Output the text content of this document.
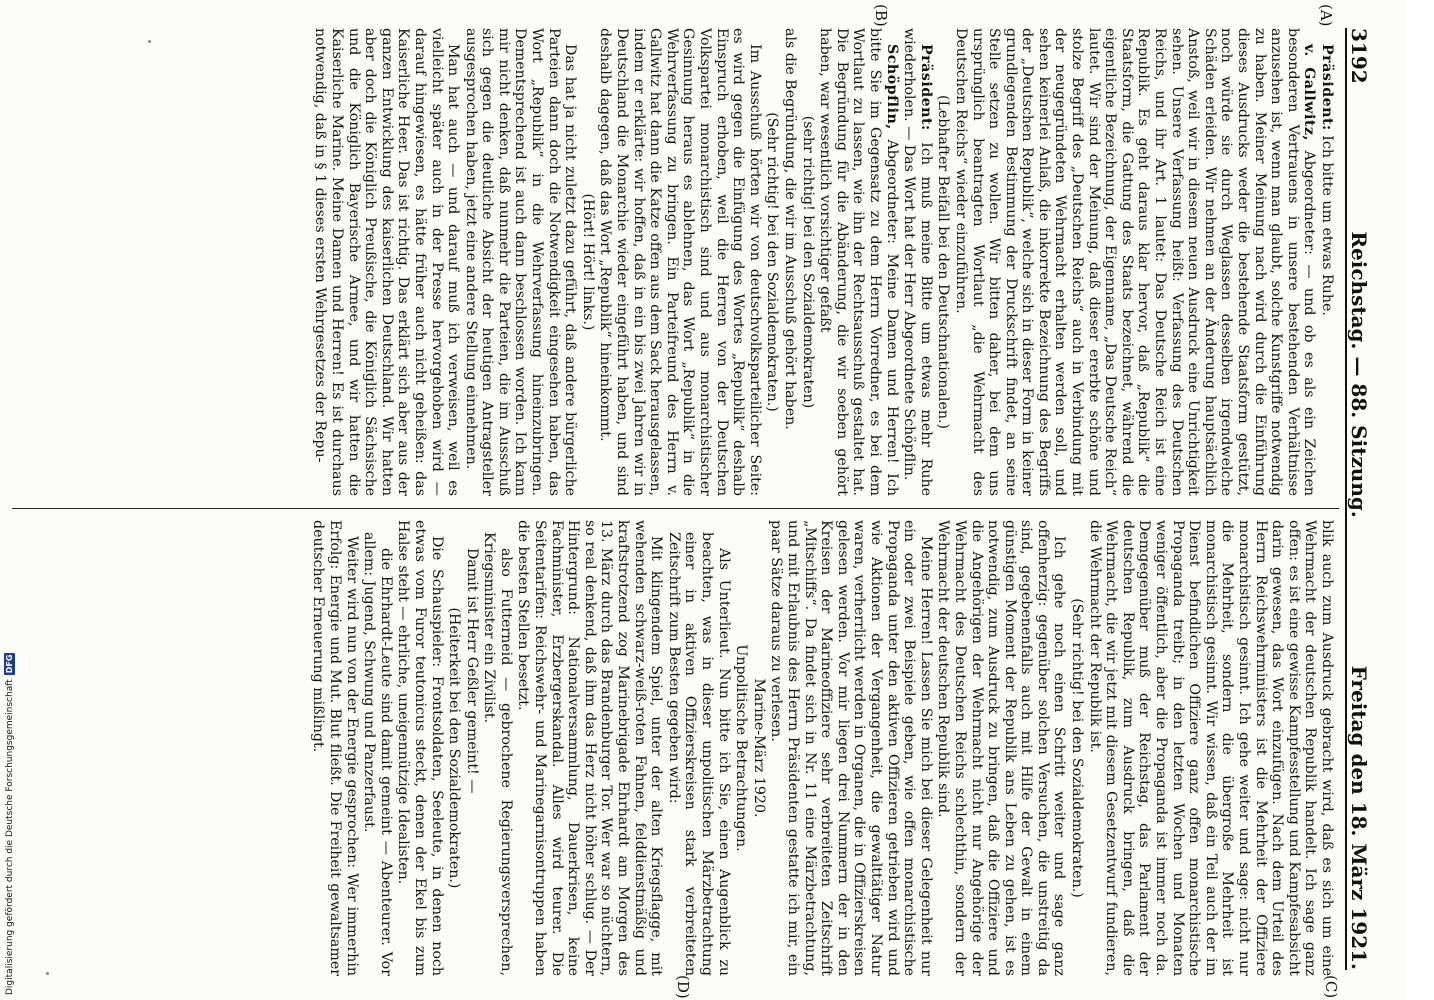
3192
Reichstag. — 88. Sitzung.
Freitag den 18. März 1921.
(A)
(B)
(C)
(D)

Präsident: Ich bitte um etwas Ruhe.

v. Gallwitz, Abgeordneter: — und ob es als ein Zeichen besonderen Vertrauens in unsere bestehenden Verhältnisse anzusehen ist, wenn man glaubt, solche Kunstgriffe notwendig zu haben. Meiner Meinung nach wird durch die Einführung dieses Ausdrucks weder die bestehende Staatsform gestützt, noch würde sie durch Weglassen desselben irgendwelche Schäden erleiden. Wir nehmen an der Änderung hauptsächlich Anstoß, weil wir in diesem neuen Ausdruck eine Unrichtigkeit sehen. Unsere Verfassung heißt: Verfassung des Deutschen Reichs, und ihr Art. 1 lautet: Das Deutsche Reich ist eine Republik. Es geht daraus klar hervor, daß „Republik“ die Staatsform, die Gattung des Staats bezeichnet, während die eigentliche Bezeichnung, der Eigenname, „Das Deutsche Reich“ lautet. Wir sind der Meinung, daß dieser ererbte schöne und stolze Begriff des „Deutschen Reichs“ auch in Verbindung mit der neugegründeten Wehrmacht erhalten werden soll, und sehen keinerlei Anlaß, die inkorrekte Bezeichnung des Begriffs der „Deutschen Republik“, welche sich in dieser Form in keiner grundlegenden Bestimmung der Druckschrift findet, an seine Stelle setzen zu wollen. Wir bitten daher, bei dem uns ursprünglich beantragten Wortlaut „die Wehrmacht des Deutschen Reichs“ wieder einzuführen.

(Lebhafter Beifall bei den Deutschnationalen.)

Präsident: Ich muß meine Bitte um etwas mehr Ruhe wiederholen. — Das Wort hat der Herr Abgeordnete Schöpflin.

Schöpflin, Abgeordneter: Meine Damen und Herren! Ich bitte Sie im Gegensatz zu dem Herrn Vorredner, es bei dem Wortlaut zu lassen, wie ihn der Rechtsausschuß gestaltet hat. Die Begründung für die Abänderung, die wir soeben gehört haben, war wesentlich vorsichtiger gefaßt

(sehr richtig! bei den Sozialdemokraten)

als die Begründung, die wir im Ausschuß gehört haben.

(Sehr richtig! bei den Sozialdemokraten.)

Im Ausschuß hörten wir von deutschvolksparteilicher Seite: es wird gegen die Einfügung des Wortes „Republik“ deshalb Einspruch erhoben, weil die Herren von der Deutschen Volkspartei monarchistisch sind und aus monarchistischer Gesinnung heraus es ablehnen, das Wort „Republik“ in die Wehrverfassung zu bringen. Ein Parteifreund des Herrn v. Gallwitz hat dann die Katze offen aus dem Sack herausgelassen, indem er erklärte: wir hoffen, daß in ein bis zwei Jahren wir in Deutschland die Monarchie wieder eingeführt haben, und sind deshalb dagegen, daß das Wort „Republik“ hineinkommt.

(Hört! Hört! links.)

Das hat ja nicht zuletzt dazu geführt, daß andere bürgerliche Parteien dann doch die Notwendigkeit eingesehen haben, das Wort „Republik“ in die Wehrverfassung hineinzubringen. Dementsprechend ist auch dann beschlossen worden. Ich kann mir nicht denken, daß nunmehr die Parteien, die im Ausschuß sich gegen die deutliche Absicht der heutigen Antragsteller ausgesprochen haben, jetzt eine andere Stellung einnehmen.

Man hat auch — und darauf muß ich verweisen, weil es vielleicht später auch in der Presse hervorgehoben wird — darauf hingewiesen, es hätte früher auch nicht geheißen: das Kaiserliche Heer. Das ist richtig. Das erklärt sich aber aus der ganzen Entwicklung des kaiserlichen Deutschland. Wir hatten aber doch die Königlich Preußische, die Königlich Sächsische und die Königlich Bayerische Armee, und wir hatten die Kaiserliche Marine. Meine Damen und Herren! Es ist durchaus notwendig, daß in § 1 dieses ersten Wehrgesetzes der Repu-

blik auch zum Ausdruck gebracht wird, daß es sich um eine Wehrmacht der deutschen Republik handelt. Ich sage ganz offen: es ist eine gewisse Kampfesstellung und Kampfesabsicht darin gewesen, das Wort einzufügen. Nach dem Urteil des Herrn Reichswehrministers ist die Mehrheit der Offiziere monarchistisch gesinnt. Ich gehe weiter und sage: nicht nur die Mehrheit, sondern die übergroße Mehrheit ist monarchistisch gesinnt. Wir wissen, daß ein Teil auch der im Dienst befindlichen Offiziere ganz offen monarchistische Propaganda treibt; in den letzten Wochen und Monaten weniger öffentlich, aber die Propaganda ist immer noch da. Demgegenüber muß der Reichstag, das Parlament der deutschen Republik, zum Ausdruck bringen, daß die Wehrmacht, die wir jetzt mit diesem Gesetzentwurf fundieren, die Wehrmacht der Republik ist.

(Sehr richtig! bei den Sozialdemokraten.)

Ich gehe noch einen Schritt weiter und sage ganz offenherzig: gegenüber solchen Versuchen, die unstreitig da sind, gegebenenfalls auch mit Hilfe der Gewalt in einem günstigen Moment der Republik ans Leben zu gehen, ist es notwendig, zum Ausdruck zu bringen, daß die Offiziere und die Angehörigen der Wehrmacht nicht nur Angehörige der Wehrmacht des Deutschen Reichs schlechthin, sondern der Wehrmacht der deutschen Republik sind.

Meine Herren! Lassen Sie mich bei dieser Gelegenheit nur ein oder zwei Beispiele geben, wie offen monarchistische Propaganda unter den aktiven Offizieren getrieben wird und wie Aktionen der Vergangenheit, die gewalttätiger Natur waren, verherrlicht werden in Organen, die in Offizierskreisen gelesen werden. Vor mir liegen drei Nummern der in den Kreisen der Marineoffiziere sehr verbreiteten Zeitschrift „Mitschiffs“. Da findet sich in Nr. 11 eine Märzbetrachtung, und mit Erlaubnis des Herrn Präsidenten gestatte ich mir, ein paar Sätze daraus zu verlesen.

Marine-März 1920.

Unpolitische Betrachtungen.

Als Unterlieut. Nun bitte ich Sie, einen Augenblick zu beachten, was in dieser unpolitischen Märzbetrachtung einer in aktiven Offizierskreisen stark verbreiteten Zeitschrift zum Besten gegeben wird:

Mit klingendem Spiel, unter der alten Kriegsflagge, mit wehenden schwarz-weiß-roten Fahnen, felddienstmäßig und kraftstrotzend zog Marinebrigade Ehrhardt am Morgen des 13. März durch das Brandenburger Tor. Wer war so nüchtern, so real denkend, daß ihm das Herz nicht höher schlug. — Der Hintergrund: Nationalversammlung, Dauerkrisen, keine Fachminister, Erzbergerskandal. Alles wird teurer. Die Seitentarifen: Reichswehr- und Marinegarnisontruppen haben die besten Stellen besetzt.

also Futterneid — gebrochene Regierungsversprechen, Kriegsminister ein Zivilist.

Damit ist Herr Geßler gemeint! —

(Heiterkeit bei den Sozialdemokraten.)

Die Schauspieler: Frontsoldaten, Seeleute, in denen noch etwas vom Furor teutonicus steckt, denen der Ekel bis zum Halse steht — ehrliche, uneigennützige Idealisten.

die Ehrhardt-Leute sind damit gemeint — Abenteurer. Vor allem: Jugend, Schwung und Panzerfaust.

Weiter wird nun von der Energie gesprochen: Wer immerhin Erfolg: Energie und Mut. Blut fließt. Die Freiheit gewaltsamer deutscher Erneuerung mißlingt.

Digitalisierung gefördert durch die Deutsche Forschungsgemeinschaft
DFG
